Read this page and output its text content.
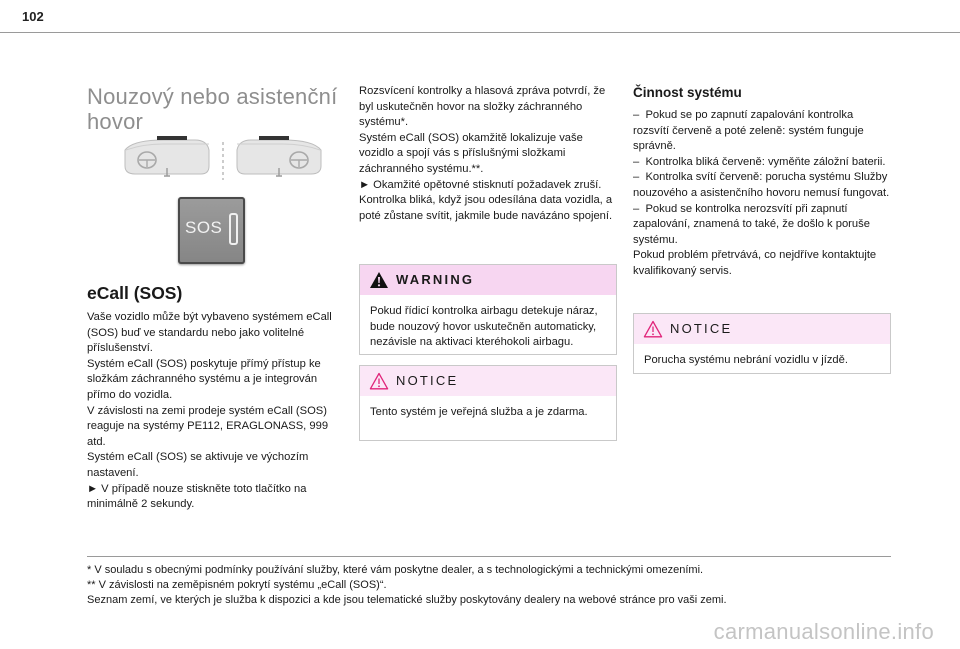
102
Nouzový nebo asistenční hovor
SOS
eCall (SOS)

Vaše vozidlo může být vybaveno systémem eCall (SOS) buď ve standardu nebo jako volitelné příslušenství.

Systém eCall (SOS) poskytuje přímý přístup ke složkám záchranného systému a je integrován přímo do vozidla.

V závislosti na zemi prodeje systém eCall (SOS) reaguje na systémy PE112, ERAGLONASS, 999 atd.

Systém eCall (SOS) se aktivuje ve výchozím nastavení.

► V případě nouze stiskněte toto tlačítko na minimálně 2 sekundy.

Rozsvícení kontrolky a hlasová zpráva potvrdí, že byl uskutečněn hovor na složky záchranného systému*.

Systém eCall (SOS) okamžitě lokalizuje vaše vozidlo a spojí vás s příslušnými složkami záchranného systému.**.

► Okamžité opětovné stisknutí požadavek zruší.

Kontrolka bliká, když jsou odesílána data vozidla, a poté zůstane svítit, jakmile bude navázáno spojení.

WARNING
Pokud řídicí kontrolka airbagu detekuje náraz, bude nouzový hovor uskutečněn automaticky, nezávisle na aktivaci kteréhokoli airbagu.
NOTICE
Tento systém je veřejná služba a je zdarma.
Činnost systému

–  Pokud se po zapnutí zapalování kontrolka rozsvítí červeně a poté zeleně: systém funguje správně.

–  Kontrolka bliká červeně: vyměňte záložní baterii.

–  Kontrolka svítí červeně: porucha systému Služby nouzového a asistenčního hovoru nemusí fungovat.

–  Pokud se kontrolka nerozsvítí při zapnutí zapalování, znamená to také, že došlo k poruše systému.

Pokud problém přetrvává, co nejdříve kontaktujte kvalifikovaný servis.

NOTICE
Porucha systému nebrání vozidlu v jízdě.
* V souladu s obecnými podmínky používání služby, které vám poskytne dealer, a s technologickými a technickými omezeními.
** V závislosti na zeměpisném pokrytí systému „eCall (SOS)“.
Seznam zemí, ve kterých je služba k dispozici a kde jsou telematické služby poskytovány dealery na webové stránce pro vaši zemi.
carmanualsonline.info
